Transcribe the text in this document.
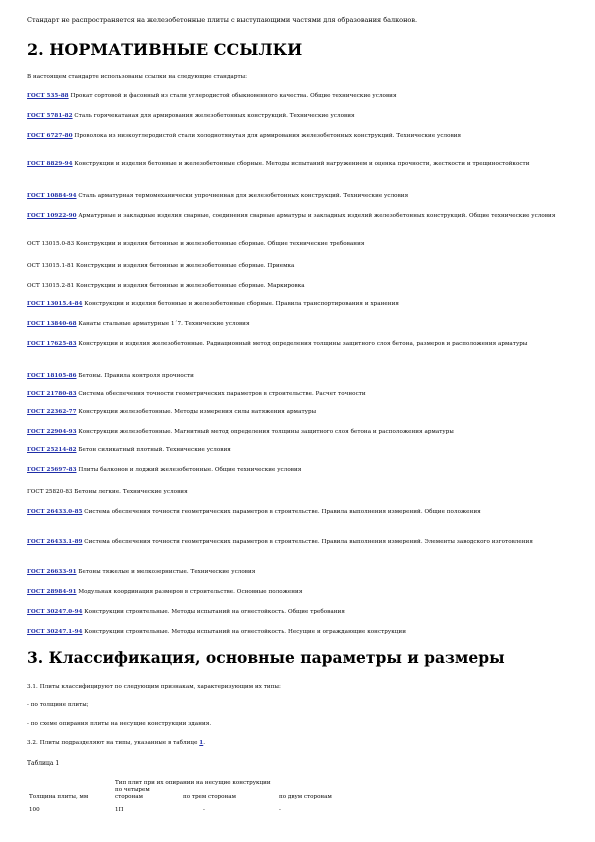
Стандарт не распространяется на железобетонные плиты с выступающими частями для образования балконов.
2. НОРМАТИВНЫЕ ССЫЛКИ
В настоящем стандарте использованы ссылки на следующие стандарты:
ГОСТ 535-88 Прокат сортовой и фасонный из стали углеродистой обыкновенного качества. Общие технические условия
ГОСТ 5781-82 Сталь горячекатаная для армирования железобетонных конструкций. Технические условия
ГОСТ 6727-80 Проволока из низкоуглеродистой стали холоднотянутая для армирования железобетонных конструкций. Технические условия
ГОСТ 8829-94 Конструкции и изделия бетонные и железобетонные сборные. Методы испытаний нагружением и оценка прочности, жесткости и трещиностойкости
ГОСТ 10884-94 Сталь арматурная термомеханически упрочненная для железобетонных конструкций. Технические условия
ГОСТ 10922-90 Арматурные и закладные изделия сварные, соединения сварные арматуры и закладных изделий железобетонных конструкций. Общие технические условия
ОСТ 13015.0-83 Конструкции и изделия бетонные и железобетонные сборные. Общие технические требования
ОСТ 13015.1-81 Конструкции и изделия бетонные и железобетонные сборные. Приемка
ОСТ 13015.2-81 Конструкции и изделия бетонные и железобетонные сборные. Маркировка
ГОСТ 13015.4-84 Конструкции и изделия бетонные и железобетонные сборные. Правила транспортирования и хранения
ГОСТ 13840-68 Канаты стальные арматурные 1´7. Технические условия
ГОСТ 17625-83 Конструкции и изделия железобетонные. Радиационный метод определения толщины защитного слоя бетона, размеров и расположения арматуры
ГОСТ 18105-86 Бетоны. Правила контроля прочности
ГОСТ 21780-83 Система обеспечения точности геометрических параметров в строительстве. Расчет точности
ГОСТ 22362-77 Конструкции железобетонные. Методы измерения силы натяжения арматуры
ГОСТ 22904-93 Конструкции железобетонные. Магнитный метод определения толщины защитного слоя бетона и расположения арматуры
ГОСТ 25214-82 Бетон силикатный плотный. Технические условия
ГОСТ 25697-83 Плиты балконов и лоджий железобетонные. Общие технические условия
ГОСТ 25820-83 Бетоны легкие. Технические условия
ГОСТ 26433.0-85 Система обеспечения точности геометрических параметров в строительстве. Правила выполнения измерений. Общие положения
ГОСТ 26433.1-89 Система обеспечения точности геометрических параметров в строительстве. Правила выполнения измерений. Элементы заводского изготовления
ГОСТ 26633-91 Бетоны тяжелые и мелкозернистые. Технические условия
ГОСТ 28984-91 Модульная координация размеров в строительстве. Основные положения
ГОСТ 30247.0-94 Конструкции строительные. Методы испытаний на огнестойкость. Общие требования
ГОСТ 30247.1-94 Конструкции строительные. Методы испытаний на огнестойкость. Несущие и ограждающие конструкции
3. Классификация, основные параметры и размеры
3.1. Плиты классифицируют по следующим признакам, характеризующим их типы:
- по толщине плиты;
- по схеме опирания плиты на несущие конструкции здания.
3.2. Плиты подразделяют на типы, указанные в таблице 1.
Таблица 1
Толщина плиты, мм	Тип плит при их опирании на несущие конструкции		
	по четырем сторонам	по трем сторонам	по двум сторонам
100	1П	-	-
